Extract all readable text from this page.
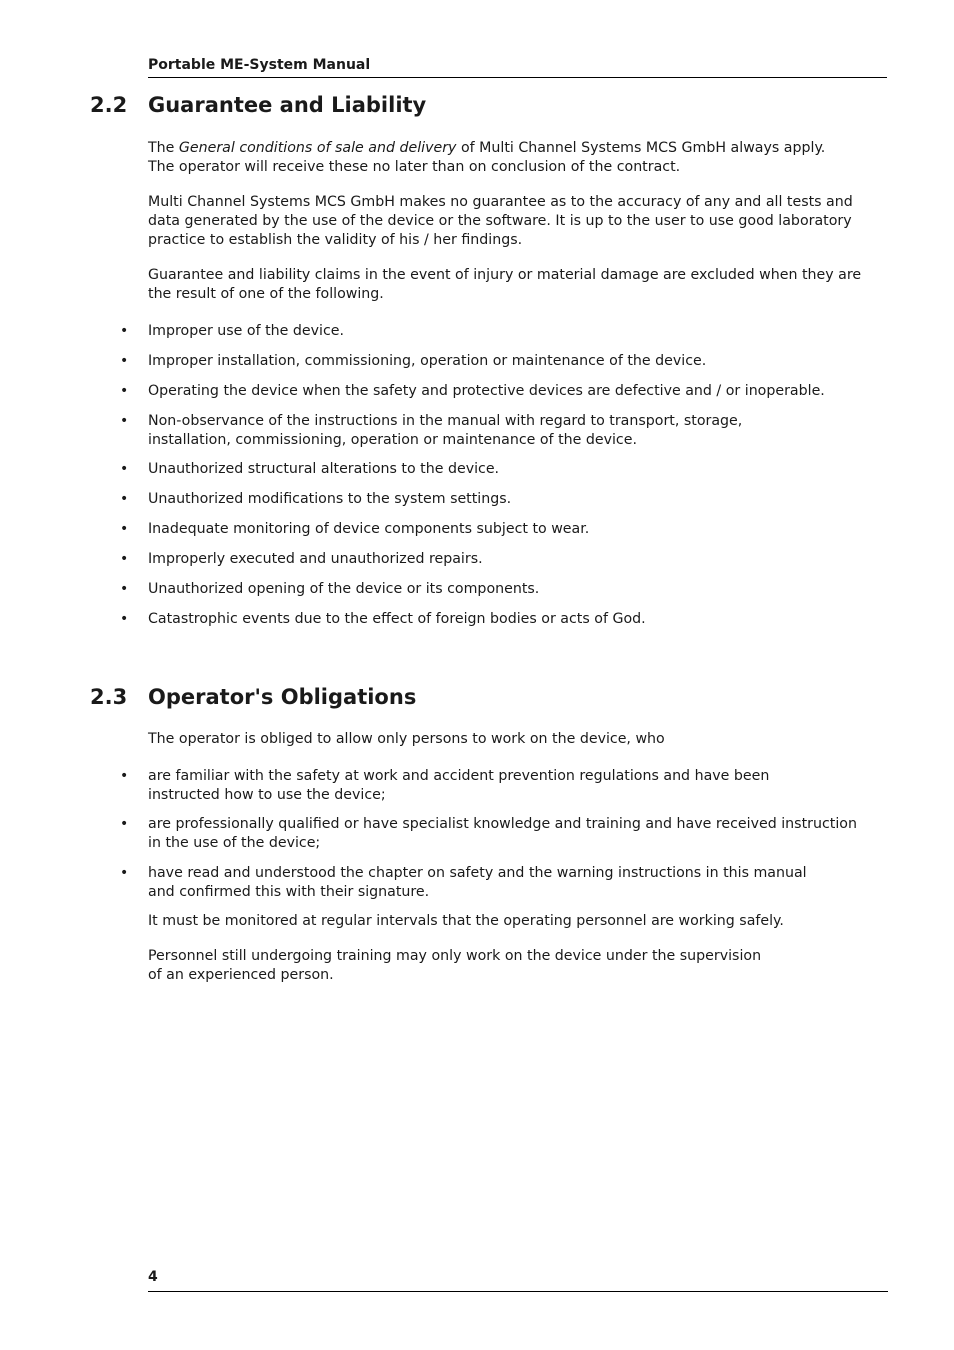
Portable ME-System Manual
2.2 Guarantee and Liability

The General conditions of sale and delivery of Multi Channel Systems MCS GmbH always apply.
The operator will receive these no later than on conclusion of the contract.

Multi Channel Systems MCS GmbH makes no guarantee as to the accuracy of any and all tests and data generated by the use of the device or the software. It is up to the user to use good laboratory practice to establish the validity of his / her findings.

Guarantee and liability claims in the event of injury or material damage are excluded when they are the result of one of the following.

• Improper use of the device.
• Improper installation, commissioning, operation or maintenance of the device.
• Operating the device when the safety and protective devices are defective and / or inoperable.
• Non-observance of the instructions in the manual with regard to transport, storage, installation, commissioning, operation or maintenance of the device.
• Unauthorized structural alterations to the device.
• Unauthorized modifications to the system settings.
• Inadequate monitoring of device components subject to wear.
• Improperly executed and unauthorized repairs.
• Unauthorized opening of the device or its components.
• Catastrophic events due to the effect of foreign bodies or acts of God.
2.3 Operator's Obligations

The operator is obliged to allow only persons to work on the device, who

• are familiar with the safety at work and accident prevention regulations and have been
instructed how to use the device;
• are professionally qualified or have specialist knowledge and training and have received instruction
in the use of the device;
• have read and understood the chapter on safety and the warning instructions in this manual
and confirmed this with their signature.

It must be monitored at regular intervals that the operating personnel are working safely.

Personnel still undergoing training may only work on the device under the supervision
of an experienced person.

4
